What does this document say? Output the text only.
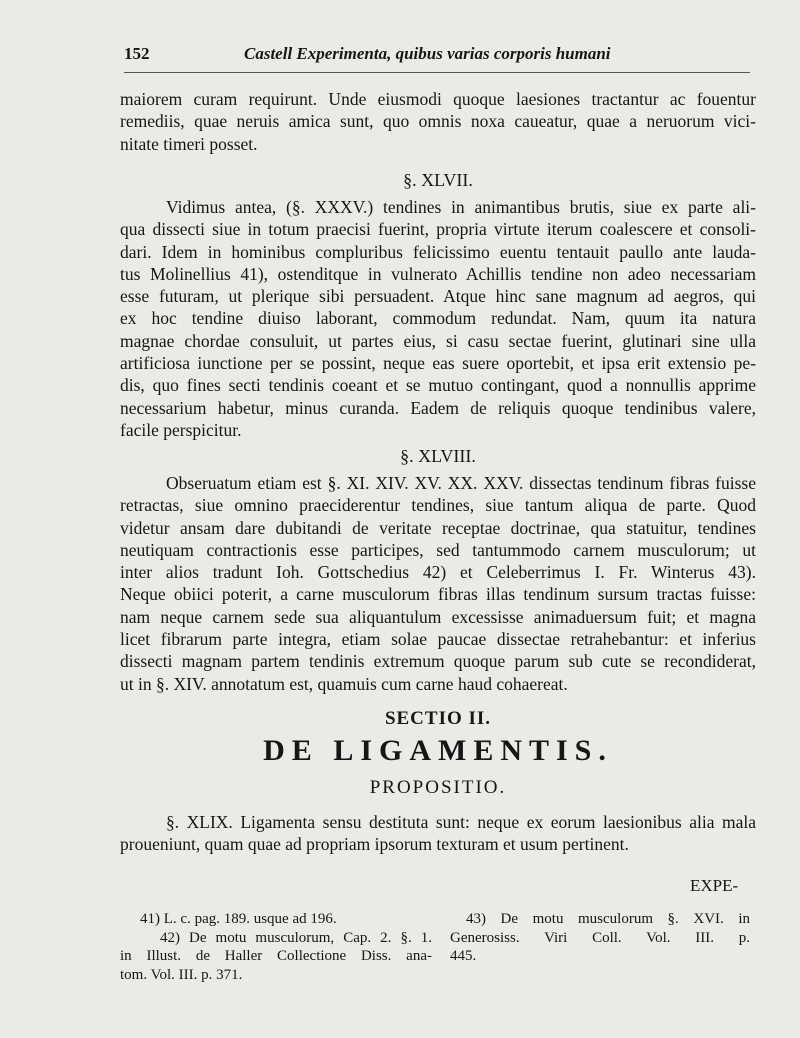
152	Castell Experimenta, quibus varias corporis humani
maiorem curam requirunt. Unde eiusmodi quoque laesiones tractantur ac fouentur
remediis, quae neruis amica sunt, quo omnis noxa caueatur, quae a neruorum vici-
nitate timeri posset.
§. XLVII.
Vidimus antea, (§. XXXV.) tendines in animantibus brutis, siue ex parte ali-
qua dissecti siue in totum praecisi fuerint, propria virtute iterum coalescere et consoli-
dari. Idem in hominibus compluribus felicissimo euentu tentauit paullo ante lauda-
tus Molinellius 41), ostenditque in vulnerato Achillis tendine non adeo necessariam
esse futuram, ut plerique sibi persuadent. Atque hinc sane magnum ad aegros, qui
ex hoc tendine diuiso laborant, commodum redundat. Nam, quum ita natura
magnae chordae consuluit, ut partes eius, si casu sectae fuerint, glutinari sine ulla
artificiosa iunctione per se possint, neque eas suere oportebit, et ipsa erit extensio pe-
dis, quo fines secti tendinis coeant et se mutuo contingant, quod a nonnullis apprime
necessarium habetur, minus curanda. Eadem de reliquis quoque tendinibus valere,
facile perspicitur.
§. XLVIII.
Obseruatum etiam est §. XI. XIV. XV. XX. XXV. dissectas tendinum fibras fuisse
retractas, siue omnino praeciderentur tendines, siue tantum aliqua de parte. Quod
videtur ansam dare dubitandi de veritate receptae doctrinae, qua statuitur, tendines
neutiquam contractionis esse participes, sed tantummodo carnem musculorum; ut
inter alios tradunt Ioh. Gottschedius 42) et Celeberrimus I. Fr. Winterus 43).
Neque obiici poterit, a carne musculorum fibras illas tendinum sursum tractas fuisse:
nam neque carnem sede sua aliquantulum excessisse animaduersum fuit; et magna
licet fibrarum parte integra, etiam solae paucae dissectae retrahebantur: et inferius
dissecti magnam partem tendinis extremum quoque parum sub cute se recondiderat,
ut in §. XIV. annotatum est, quamuis cum carne haud cohaereat.
SECTIO II.
DE LIGAMENTIS.
PROPOSITIO.
§. XLIX. Ligamenta sensu destituta sunt: neque ex eorum laesionibus alia mala
proueniunt, quam quae ad propriam ipsorum texturam et usum pertinent.
EXPE-
41) L. c. pag. 189. usque ad 196.
42) De motu musculorum, Cap. 2. §. 1.
in Illust. de Haller Collectione Diss. ana-
tom. Vol. III. p. 371.
43) De motu musculorum §. XVI. in
Generosiss. Viri Coll. Vol. III. p.
445.
